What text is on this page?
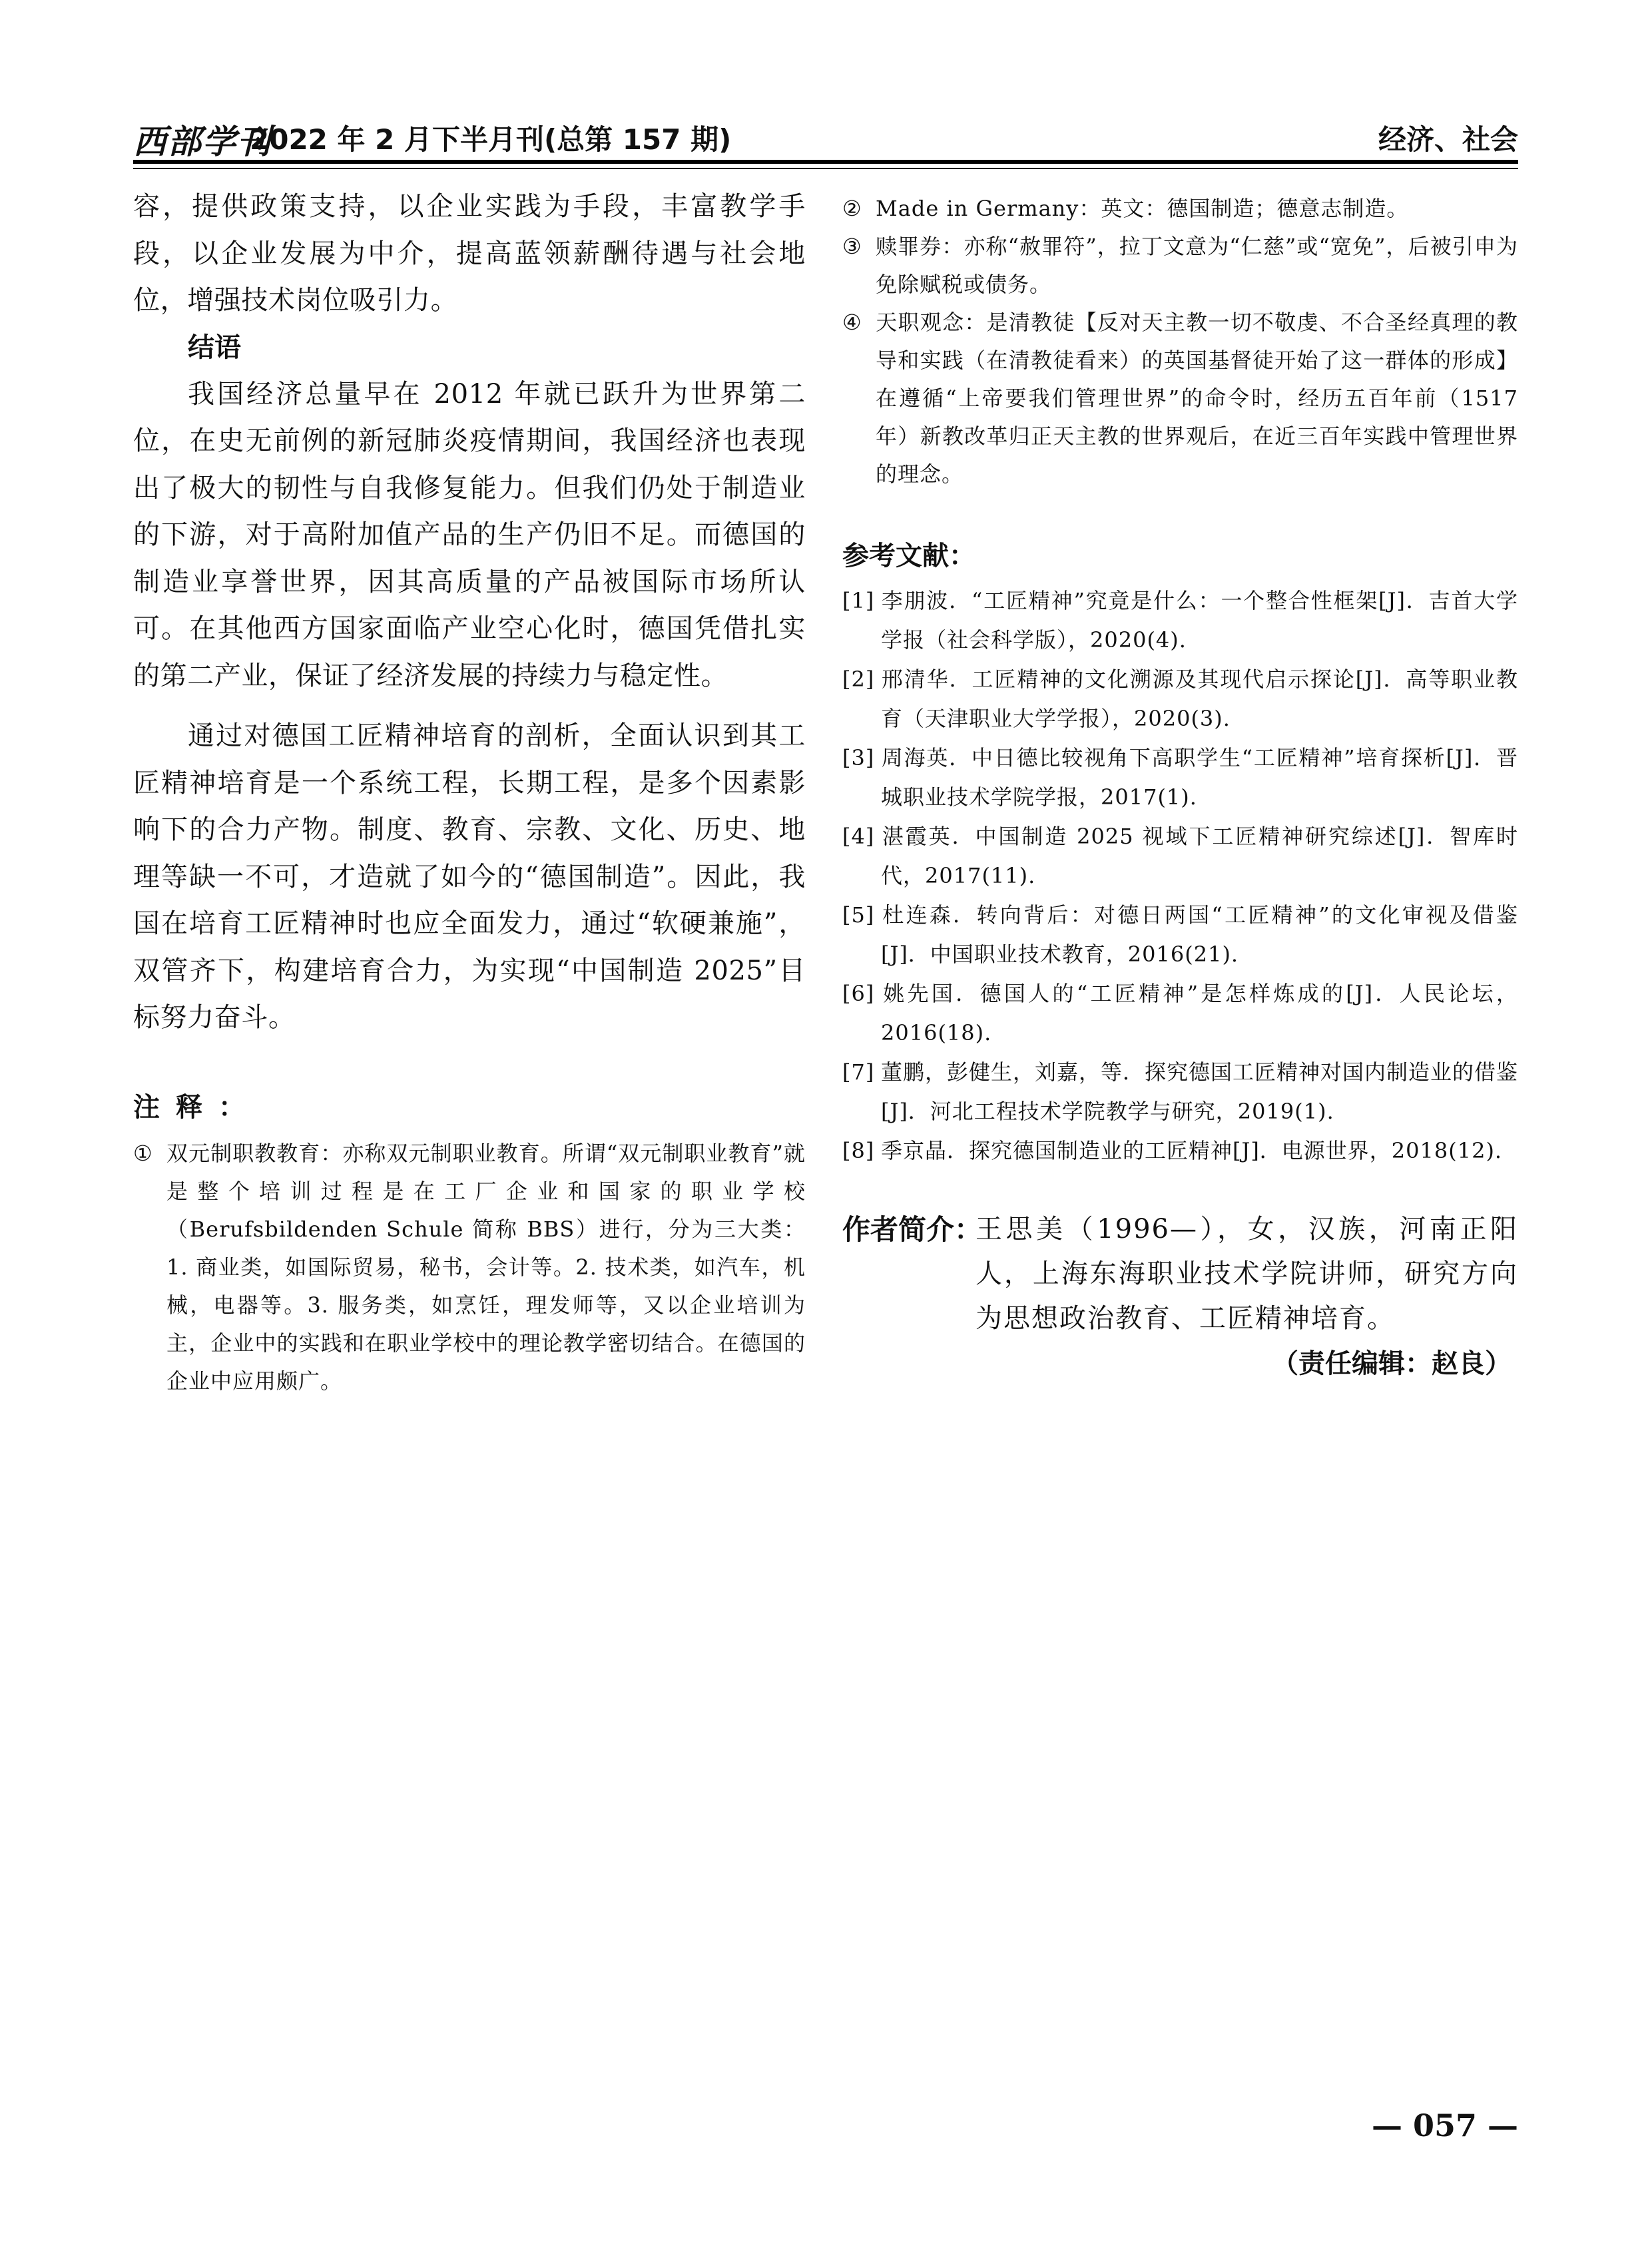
西部学刊
2022 年 2 月下半月刊(总第 157 期)	经济、社会

容，提供政策支持，以企业实践为手段，丰富教学手段，以企业发展为中介，提高蓝领薪酬待遇与社会地位，增强技术岗位吸引力。

结语

我国经济总量早在 2012 年就已跃升为世界第二位，在史无前例的新冠肺炎疫情期间，我国经济也表现出了极大的韧性与自我修复能力。但我们仍处于制造业的下游，对于高附加值产品的生产仍旧不足。而德国的制造业享誉世界，因其高质量的产品被国际市场所认可。在其他西方国家面临产业空心化时，德国凭借扎实的第二产业，保证了经济发展的持续力与稳定性。

通过对德国工匠精神培育的剖析，全面认识到其工匠精神培育是一个系统工程，长期工程，是多个因素影响下的合力产物。制度、教育、宗教、文化、历史、地理等缺一不可，才造就了如今的“德国制造”。因此，我国在培育工匠精神时也应全面发力，通过“软硬兼施”，双管齐下，构建培育合力，为实现“中国制造 2025”目标努力奋斗。

注释：

① 双元制职教教育：亦称双元制职业教育。所谓“双元制职业教育”就是整个培训过程是在工厂企业和国家的职业学校（Berufsbildenden Schule 简称 BBS）进行，分为三大类：1. 商业类，如国际贸易，秘书，会计等。2. 技术类，如汽车，机械，电器等。3. 服务类，如烹饪，理发师等，又以企业培训为主，企业中的实践和在职业学校中的理论教学密切结合。在德国的企业中应用颇广。

② Made in Germany：英文：德国制造；德意志制造。

③ 赎罪券：亦称“赦罪符”，拉丁文意为“仁慈”或“宽免”，后被引申为免除赋税或债务。

④ 天职观念：是清教徒【反对天主教一切不敬虔、不合圣经真理的教导和实践（在清教徒看来）的英国基督徒开始了这一群体的形成】在遵循“上帝要我们管理世界”的命令时，经历五百年前（1517 年）新教改革归正天主教的世界观后，在近三百年实践中管理世界的理念。

参考文献：

[1] 李朋波．“工匠精神”究竟是什么：一个整合性框架[J]．吉首大学学报（社会科学版），2020(4).

[2] 邢清华．工匠精神的文化溯源及其现代启示探论[J]．高等职业教育（天津职业大学学报），2020(3).

[3] 周海英．中日德比较视角下高职学生“工匠精神”培育探析[J]．晋城职业技术学院学报，2017(1).

[4] 湛霞英．中国制造 2025 视域下工匠精神研究综述[J]．智库时代，2017(11).

[5] 杜连森．转向背后：对德日两国“工匠精神”的文化审视及借鉴[J]．中国职业技术教育，2016(21).

[6] 姚先国．德国人的“工匠精神”是怎样炼成的[J]．人民论坛，2016(18).

[7] 董鹏，彭健生，刘嘉，等．探究德国工匠精神对国内制造业的借鉴[J]．河北工程技术学院教学与研究，2019(1).

[8] 季京晶．探究德国制造业的工匠精神[J]．电源世界，2018(12).

作者简介：
王思美（1996—），女，汉族，河南正阳人，上海东海职业技术学院讲师，研究方向为思想政治教育、工匠精神培育。
（责任编辑：赵良）
— 057 —
